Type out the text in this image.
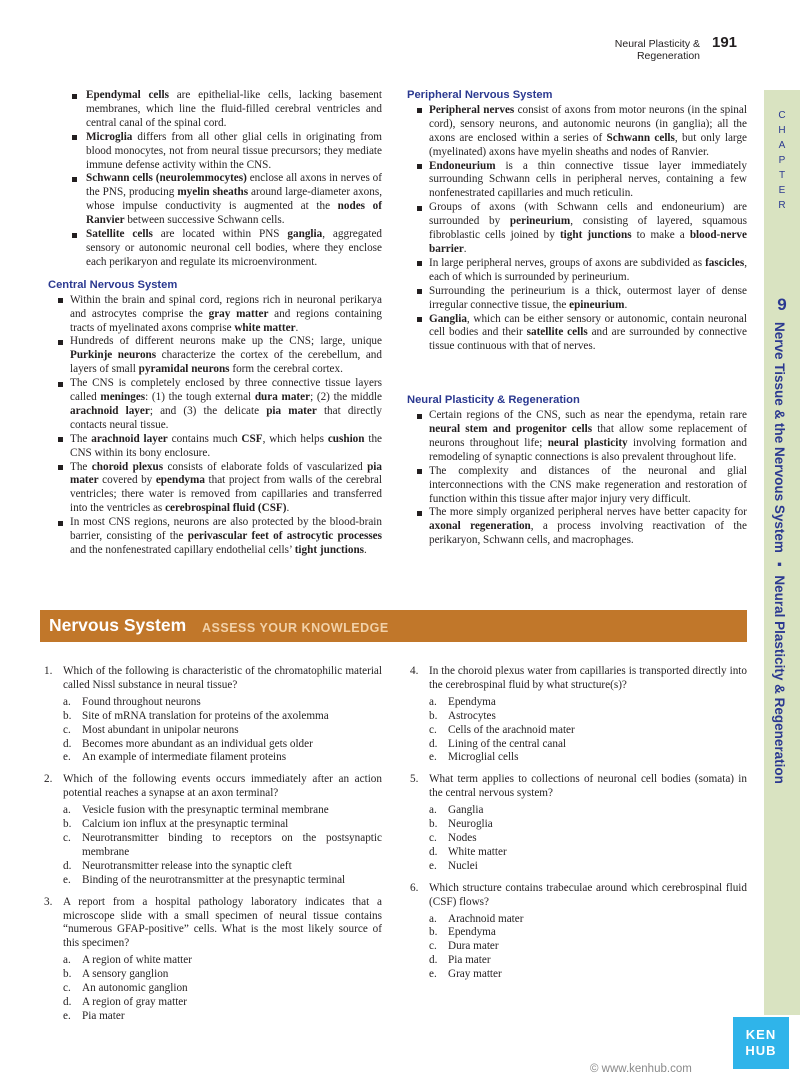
Neural Plasticity & Regeneration
191
C
H
A
P
T
E
R
9
Nerve Tissue & the Nervous System ▪ Neural Plasticity & Regeneration
Ependymal cells are epithelial-like cells, lacking basement membranes, which line the fluid-filled cerebral ventricles and central canal of the spinal cord.
Microglia differs from all other glial cells in originating from blood monocytes, not from neural tissue precursors; they mediate immune defense activity within the CNS.
Schwann cells (neurolemmocytes) enclose all axons in nerves of the PNS, producing myelin sheaths around large-diameter axons, whose impulse conductivity is augmented at the nodes of Ranvier between successive Schwann cells.
Satellite cells are located within PNS ganglia, aggregated sensory or autonomic neuronal cell bodies, where they enclose each perikaryon and regulate its microenvironment.
Central Nervous System
Within the brain and spinal cord, regions rich in neuronal perikarya and astrocytes comprise the gray matter and regions containing tracts of myelinated axons comprise white matter.
Hundreds of different neurons make up the CNS; large, unique Purkinje neurons characterize the cortex of the cerebellum, and layers of small pyramidal neurons form the cerebral cortex.
The CNS is completely enclosed by three connective tissue layers called meninges: (1) the tough external dura mater; (2) the middle arachnoid layer; and (3) the delicate pia mater that directly contacts neural tissue.
The arachnoid layer contains much CSF, which helps cushion the CNS within its bony enclosure.
The choroid plexus consists of elaborate folds of vascularized pia mater covered by ependyma that project from walls of the cerebral ventricles; there water is removed from capillaries and transferred into the ventricles as cerebrospinal fluid (CSF).
In most CNS regions, neurons are also protected by the blood-brain barrier, consisting of the perivascular feet of astrocytic processes and the nonfenestrated capillary endothelial cells’ tight junctions.
Peripheral Nervous System
Peripheral nerves consist of axons from motor neurons (in the spinal cord), sensory neurons, and autonomic neurons (in ganglia); all the axons are enclosed within a series of Schwann cells, but only large (myelinated) axons have myelin sheaths and nodes of Ranvier.
Endoneurium is a thin connective tissue layer immediately surrounding Schwann cells in peripheral nerves, containing a few nonfenestrated capillaries and much reticulin.
Groups of axons (with Schwann cells and endoneurium) are surrounded by perineurium, consisting of layered, squamous fibroblastic cells joined by tight junctions to make a blood-nerve barrier.
In large peripheral nerves, groups of axons are subdivided as fascicles, each of which is surrounded by perineurium.
Surrounding the perineurium is a thick, outermost layer of dense irregular connective tissue, the epineurium.
Ganglia, which can be either sensory or autonomic, contain neuronal cell bodies and their satellite cells and are surrounded by connective tissue continuous with that of nerves.
Neural Plasticity & Regeneration
Certain regions of the CNS, such as near the ependyma, retain rare neural stem and progenitor cells that allow some replacement of neurons throughout life; neural plasticity involving formation and remodeling of synaptic connections is also prevalent throughout life.
The complexity and distances of the neuronal and glial interconnections with the CNS make regeneration and restoration of function within this tissue after major injury very difficult.
The more simply organized peripheral nerves have better capacity for axonal regeneration, a process involving reactivation of the perikaryon, Schwann cells, and macrophages.
Nervous System ASSESS YOUR KNOWLEDGE
1. Which of the following is characteristic of the chromatophilic material called Nissl substance in neural tissue?
a. Found throughout neurons
b. Site of mRNA translation for proteins of the axolemma
c. Most abundant in unipolar neurons
d. Becomes more abundant as an individual gets older
e. An example of intermediate filament proteins
2. Which of the following events occurs immediately after an action potential reaches a synapse at an axon terminal?
a. Vesicle fusion with the presynaptic terminal membrane
b. Calcium ion influx at the presynaptic terminal
c. Neurotransmitter binding to receptors on the postsynaptic membrane
d. Neurotransmitter release into the synaptic cleft
e. Binding of the neurotransmitter at the presynaptic terminal
3. A report from a hospital pathology laboratory indicates that a microscope slide with a small specimen of neural tissue contains “numerous GFAP-positive” cells. What is the most likely source of this specimen?
a. A region of white matter
b. A sensory ganglion
c. An autonomic ganglion
d. A region of gray matter
e. Pia mater
4. In the choroid plexus water from capillaries is transported directly into the cerebrospinal fluid by what structure(s)?
a. Ependyma
b. Astrocytes
c. Cells of the arachnoid mater
d. Lining of the central canal
e. Microglial cells
5. What term applies to collections of neuronal cell bodies (somata) in the central nervous system?
a. Ganglia
b. Neuroglia
c. Nodes
d. White matter
e. Nuclei
6. Which structure contains trabeculae around which cerebrospinal fluid (CSF) flows?
a. Arachnoid mater
b. Ependyma
c. Dura mater
d. Pia mater
e. Gray matter
KEN
HUB
© www.kenhub.com
